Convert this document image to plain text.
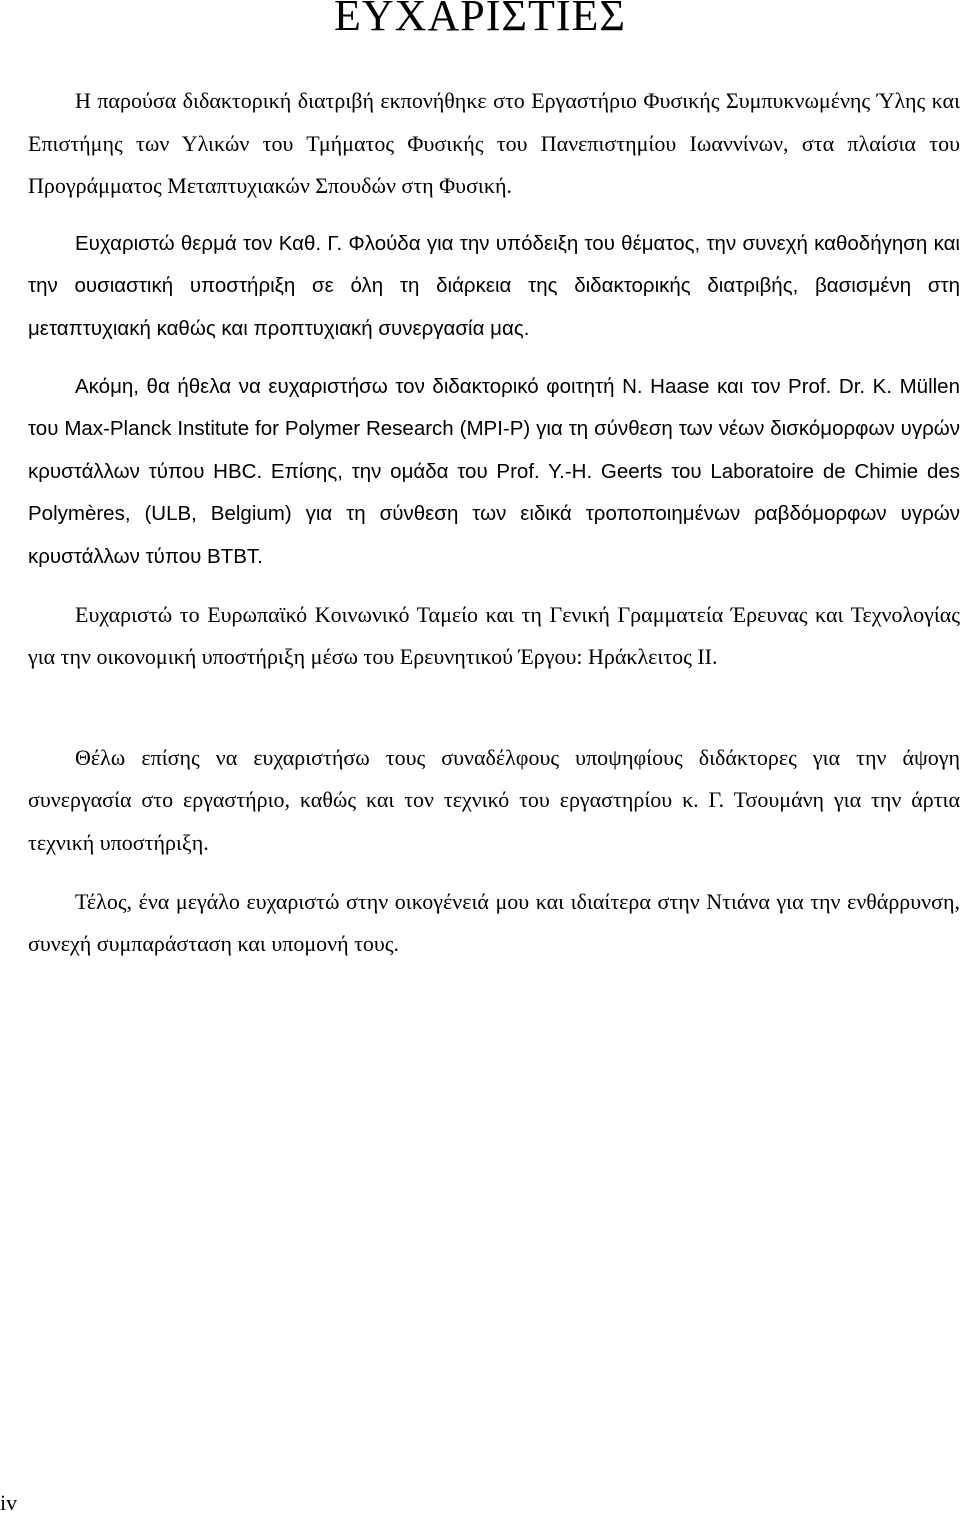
ΕΥΧΑΡΙΣΤΙΕΣ

Η παρούσα διδακτορική διατριβή εκπονήθηκε στο Εργαστήριο Φυσικής Συμπυκνωμένης Ύλης και Επιστήμης των Υλικών του Τμήματος Φυσικής του Πανεπιστημίου Ιωαννίνων, στα πλαίσια του Προγράμματος Μεταπτυχιακών Σπουδών στη Φυσική.

Ευχαριστώ θερμά τον Καθ. Γ. Φλούδα για την υπόδειξη του θέματος, την συνεχή καθοδήγηση και την ουσιαστική υποστήριξη σε όλη τη διάρκεια της διδακτορικής διατριβής, βασισμένη στη μεταπτυχιακή καθώς και προπτυχιακή συνεργασία μας.

Ακόμη, θα ήθελα να ευχαριστήσω τον διδακτορικό φοιτητή Ν. Haase και τον Prof. Dr. K. Müllen του Max-Planck Institute for Polymer Research (MPI-P) για τη σύνθεση των νέων δισκόμορφων υγρών κρυστάλλων τύπου HBC. Επίσης, την ομάδα του Prof. Y.-H. Geerts του Laboratoire de Chimie des Polymères, (ULB, Belgium) για τη σύνθεση των ειδικά τροποποιημένων ραβδόμορφων υγρών κρυστάλλων τύπου BTBT.

Ευχαριστώ το Ευρωπαϊκό Κοινωνικό Ταμείο και τη Γενική Γραμματεία Έρευνας και Τεχνολογίας για την οικονομική υποστήριξη μέσω του Ερευνητικού Έργου: Ηράκλειτος ΙΙ.

Θέλω επίσης να ευχαριστήσω τους συναδέλφους υποψηφίους διδάκτορες για την άψογη συνεργασία στο εργαστήριο, καθώς και τον τεχνικό του εργαστηρίου κ. Γ. Τσουμάνη για την άρτια τεχνική υποστήριξη.

Τέλος, ένα μεγάλο ευχαριστώ στην οικογένειά μου και ιδιαίτερα στην Ντιάνα για την ενθάρρυνση, συνεχή συμπαράσταση και υπομονή τους.

iv
